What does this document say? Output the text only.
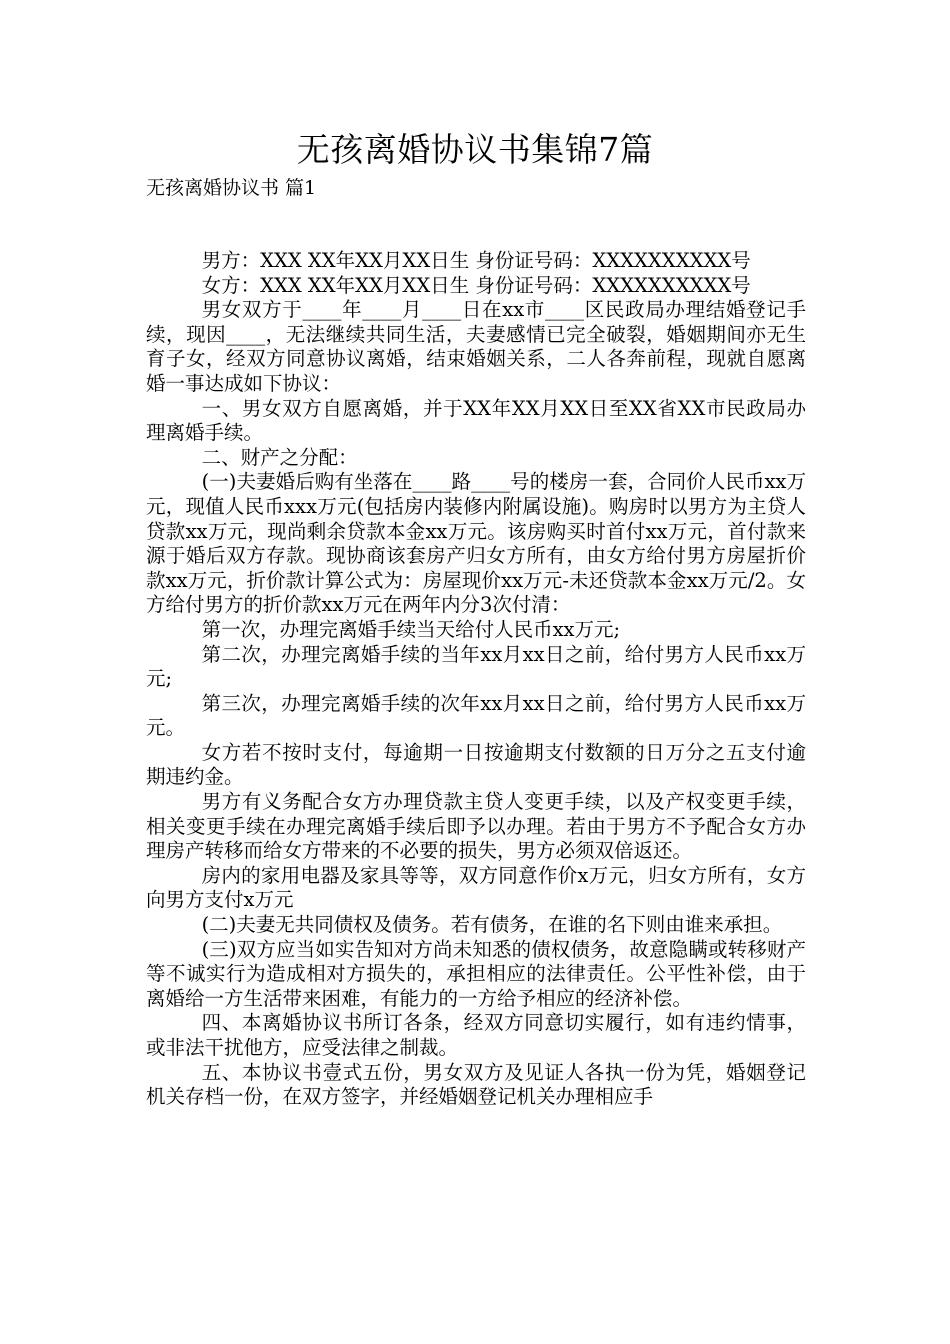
无孩离婚协议书集锦7篇
无孩离婚协议书 篇1

男方：XXX XX年XX月XX日生 身份证号码：XXXXXXXXXX号

女方：XXX XX年XX月XX日生 身份证号码：XXXXXXXXXX号

男女双方于____年____月____日在xx市____区民政局办理结婚登记手续，现因____，无法继续共同生活，夫妻感情已完全破裂，婚姻期间亦无生育子女，经双方同意协议离婚，结束婚姻关系，二人各奔前程，现就自愿离婚一事达成如下协议：

一、男女双方自愿离婚，并于XX年XX月XX日至XX省XX市民政局办理离婚手续。

二、财产之分配：

(一)夫妻婚后购有坐落在____路____号的楼房一套，合同价人民币xx万元，现值人民币xxx万元(包括房内装修内附属设施)。购房时以男方为主贷人贷款xx万元，现尚剩余贷款本金xx万元。该房购买时首付xx万元，首付款来源于婚后双方存款。现协商该套房产归女方所有，由女方给付男方房屋折价款xx万元，折价款计算公式为：房屋现价xx万元-未还贷款本金xx万元/2。女方给付男方的折价款xx万元在两年内分3次付清：

第一次，办理完离婚手续当天给付人民币xx万元;

第二次，办理完离婚手续的当年xx月xx日之前，给付男方人民币xx万元;

第三次，办理完离婚手续的次年xx月xx日之前，给付男方人民币xx万元。

女方若不按时支付，每逾期一日按逾期支付数额的日万分之五支付逾期违约金。

男方有义务配合女方办理贷款主贷人变更手续，以及产权变更手续，相关变更手续在办理完离婚手续后即予以办理。若由于男方不予配合女方办理房产转移而给女方带来的不必要的损失，男方必须双倍返还。

房内的家用电器及家具等等，双方同意作价x万元，归女方所有，女方向男方支付x万元

(二)夫妻无共同债权及债务。若有债务，在谁的名下则由谁来承担。

(三)双方应当如实告知对方尚未知悉的债权债务，故意隐瞒或转移财产等不诚实行为造成相对方损失的，承担相应的法律责任。公平性补偿，由于离婚给一方生活带来困难，有能力的一方给予相应的经济补偿。

四、本离婚协议书所订各条，经双方同意切实履行，如有违约情事，或非法干扰他方，应受法律之制裁。

五、本协议书壹式五份，男女双方及见证人各执一份为凭，婚姻登记机关存档一份，在双方签字，并经婚姻登记机关办理相应手
